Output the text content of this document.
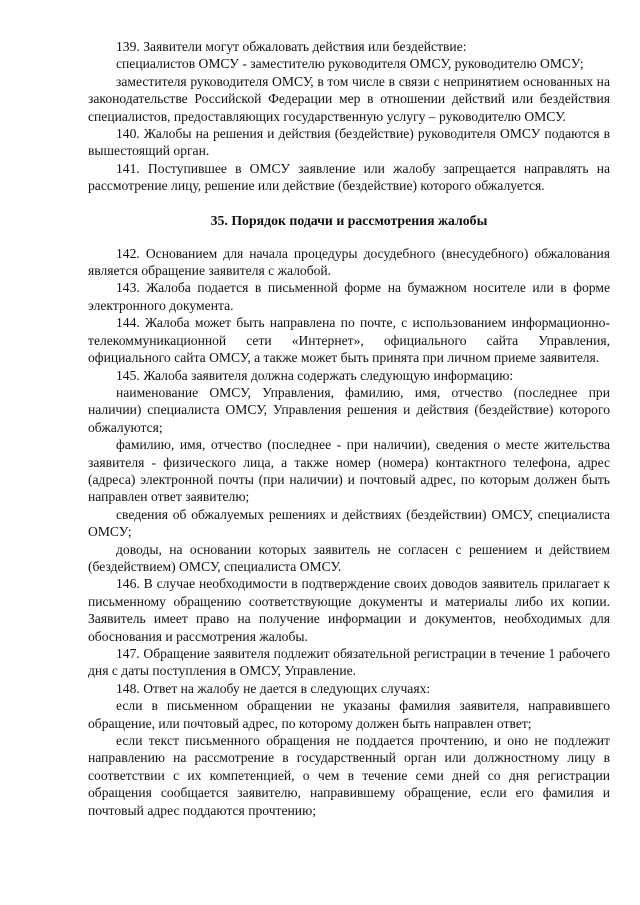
139. Заявители могут обжаловать действия или бездействие:

специалистов ОМСУ - заместителю руководителя ОМСУ, руководителю ОМСУ;

заместителя руководителя ОМСУ, в том числе в связи с непринятием основанных на законодательстве Российской Федерации мер в отношении действий или бездействия специалистов, предоставляющих государственную услугу – руководителю ОМСУ.

140. Жалобы на решения и действия (бездействие) руководителя ОМСУ подаются в вышестоящий орган.

141. Поступившее в ОМСУ заявление или жалобу запрещается направлять на рассмотрение лицу, решение или действие (бездействие) которого обжалуется.

35. Порядок подачи и рассмотрения жалобы

142. Основанием для начала процедуры досудебного (внесудебного) обжалования является обращение заявителя с жалобой.

143. Жалоба подается в письменной форме на бумажном носителе или в форме электронного документа.

144. Жалоба может быть направлена по почте, с использованием информационно-телекоммуникационной сети «Интернет», официального сайта Управления, официального сайта ОМСУ, а также может быть принята при личном приеме заявителя.

145. Жалоба заявителя должна содержать следующую информацию:

наименование ОМСУ, Управления, фамилию, имя, отчество (последнее при наличии) специалиста ОМСУ, Управления решения и действия (бездействие) которого обжалуются;

фамилию, имя, отчество (последнее - при наличии), сведения о месте жительства заявителя - физического лица, а также номер (номера) контактного телефона, адрес (адреса) электронной почты (при наличии) и почтовый адрес, по которым должен быть направлен ответ заявителю;

сведения об обжалуемых решениях и действиях (бездействии) ОМСУ, специалиста ОМСУ;

доводы, на основании которых заявитель не согласен с решением и действием (бездействием) ОМСУ, специалиста ОМСУ.

146. В случае необходимости в подтверждение своих доводов заявитель прилагает к письменному обращению соответствующие документы и материалы либо их копии. Заявитель имеет право на получение информации и документов, необходимых для обоснования и рассмотрения жалобы.

147. Обращение заявителя подлежит обязательной регистрации в течение 1 рабочего дня с даты поступления в ОМСУ, Управление.

148. Ответ на жалобу не дается в следующих случаях:

если в письменном обращении не указаны фамилия заявителя, направившего обращение, или почтовый адрес, по которому должен быть направлен ответ;

если текст письменного обращения не поддается прочтению, и оно не подлежит направлению на рассмотрение в государственный орган или должностному лицу в соответствии с их компетенцией, о чем в течение семи дней со дня регистрации обращения сообщается заявителю, направившему обращение, если его фамилия и почтовый адрес поддаются прочтению;
